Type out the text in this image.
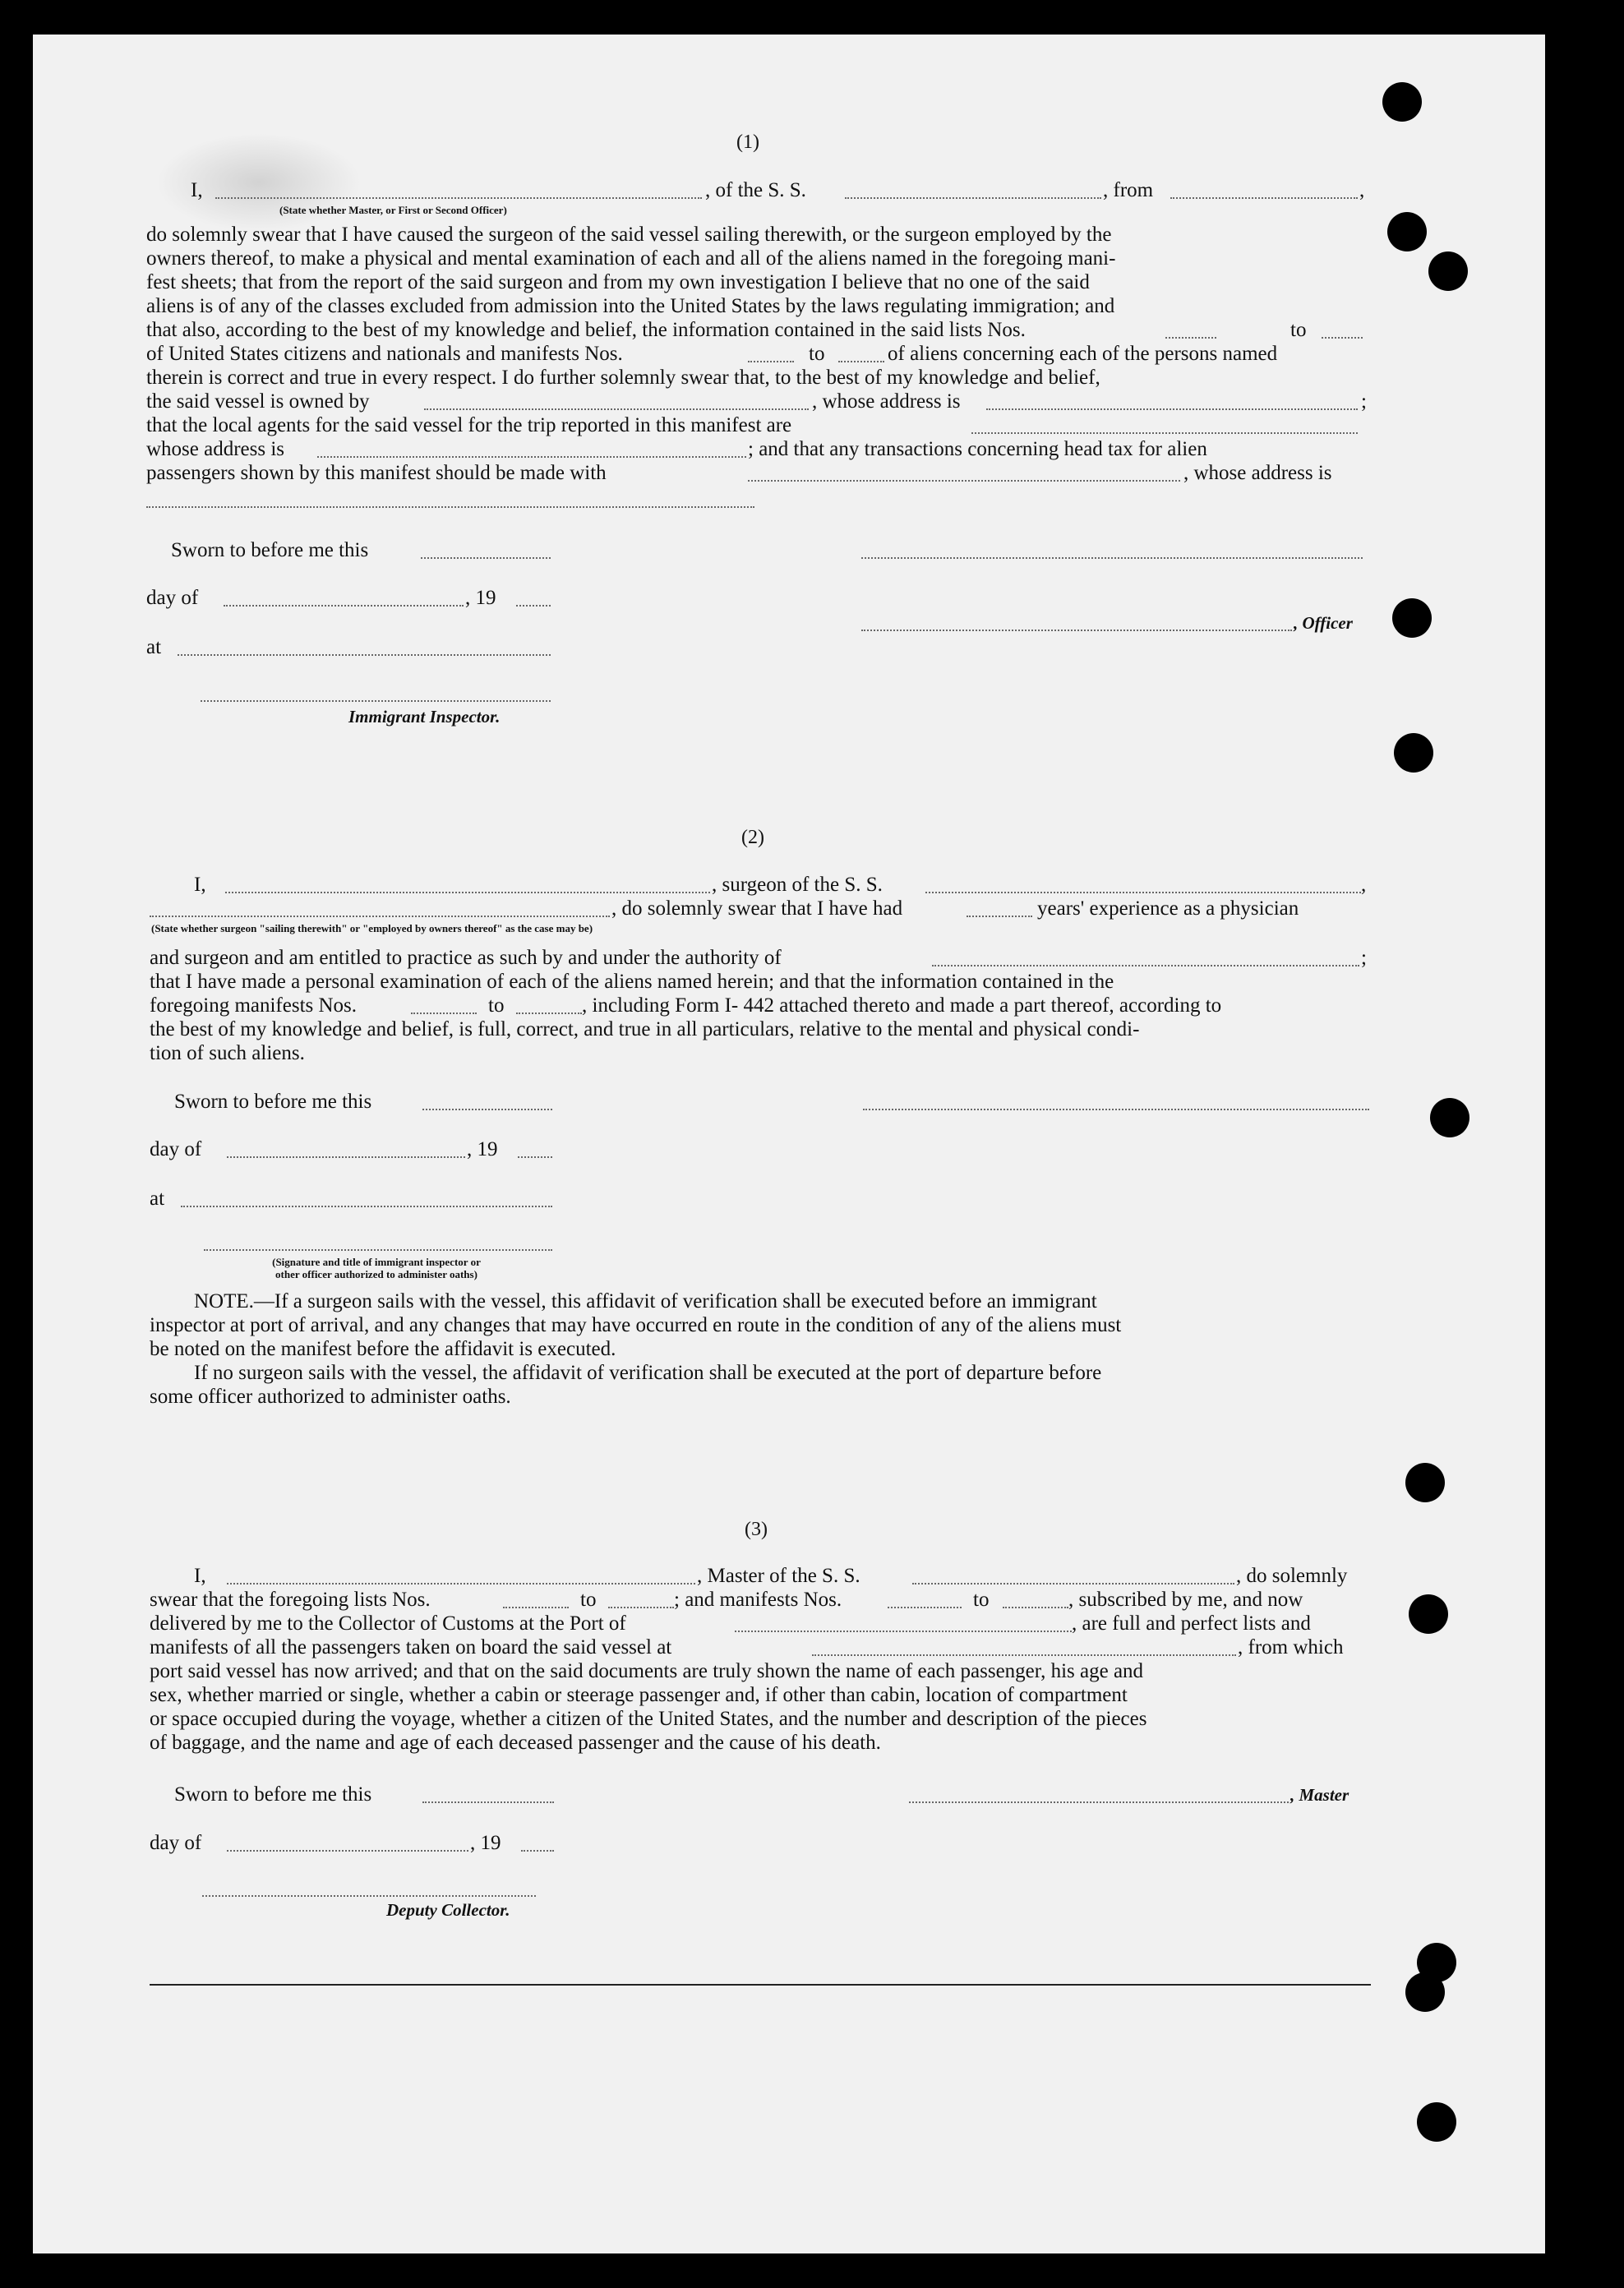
(1)
I,
(State whether Master, or First or Second Officer)
, of the S. S.	, from	,
do solemnly swear that I have caused the surgeon of the said vessel sailing therewith, or the surgeon employed by the
owners thereof, to make a physical and mental examination of each and all of the aliens named in the foregoing mani-
fest sheets; that from the report of the said surgeon and from my own investigation I believe that no one of the said
aliens is of any of the classes excluded from admission into the United States by the laws regulating immigration; and
that also, according to the best of my knowledge and belief, the information contained in the said lists Nos.	to
of United States citizens and nationals and manifests Nos.	to	of aliens concerning each of the persons named
therein is correct and true in every respect. I do further solemnly swear that, to the best of my knowledge and belief,
the said vessel is owned by	, whose address is	;
that the local agents for the said vessel for the trip reported in this manifest are
whose address is	; and that any transactions concerning head tax for alien
passengers shown by this manifest should be made with	, whose address is
Sworn to before me this
day of	, 19
, Officer
at
Immigrant Inspector.
(2)
I,	, surgeon of the S. S.	,
, do solemnly swear that I have had	years' experience as a physician
(State whether surgeon "sailing therewith" or "employed by owners thereof" as the case may be)
and surgeon and am entitled to practice as such by and under the authority of	;
that I have made a personal examination of each of the aliens named herein; and that the information contained in the
foregoing manifests Nos.	to	, including Form I- 442 attached thereto and made a part thereof, according to
the best of my knowledge and belief, is full, correct, and true in all particulars, relative to the mental and physical condi-
tion of such aliens.
Sworn to before me this
day of	, 19
at
(Signature and title of immigrant inspector or
other officer authorized to administer oaths)
NOTE.—If a surgeon sails with the vessel, this affidavit of verification shall be executed before an immigrant
inspector at port of arrival, and any changes that may have occurred en route in the condition of any of the aliens must
be noted on the manifest before the affidavit is executed.
If no surgeon sails with the vessel, the affidavit of verification shall be executed at the port of departure before
some officer authorized to administer oaths.
(3)
I,	, Master of the S. S.	, do solemnly
swear that the foregoing lists Nos.	to	; and manifests Nos.	to	, subscribed by me, and now
delivered by me to the Collector of Customs at the Port of	, are full and perfect lists and
manifests of all the passengers taken on board the said vessel at	, from which
port said vessel has now arrived; and that on the said documents are truly shown the name of each passenger, his age and
sex, whether married or single, whether a cabin or steerage passenger and, if other than cabin, location of compartment
or space occupied during the voyage, whether a citizen of the United States, and the number and description of the pieces
of baggage, and the name and age of each deceased passenger and the cause of his death.
Sworn to before me this	, Master
day of	, 19
Deputy Collector.
